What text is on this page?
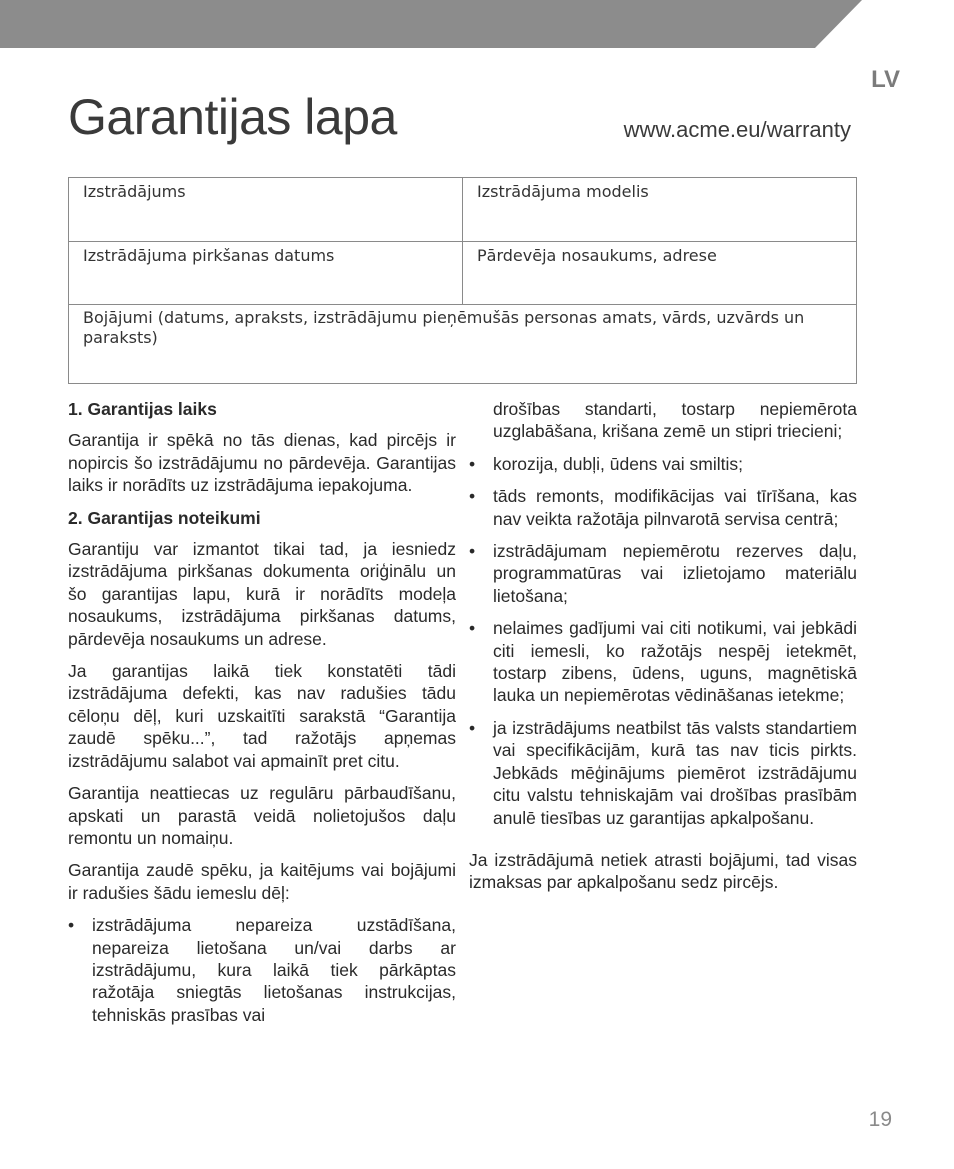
LV
Garantijas lapa	www.acme.eu/warranty
Izstrādājums	Izstrādājuma modelis
Izstrādājuma pirkšanas datums	Pārdevēja nosaukums, adrese
Bojājumi (datums, apraksts, izstrādājumu pieņēmušās personas amats, vārds, uzvārds un paraksts)
1. Garantijas laiks

Garantija ir spēkā no tās dienas, kad pircējs ir nopircis šo izstrādājumu no pārdevēja. Garantijas laiks ir norādīts uz izstrādājuma iepakojuma.

2. Garantijas noteikumi

Garantiju var izmantot tikai tad, ja iesniedz izstrādājuma pirkšanas dokumenta oriģinālu un šo garantijas lapu, kurā ir norādīts modeļa nosaukums, izstrādājuma pirkšanas datums, pārdevēja nosaukums un adrese.

Ja garantijas laikā tiek konstatēti tādi izstrādājuma defekti, kas nav radušies tādu cēloņu dēļ, kuri uzskaitīti sarakstā “Garantija zaudē spēku...”, tad ražotājs apņemas izstrādājumu salabot vai apmainīt pret citu.

Garantija neattiecas uz regulāru pārbaudīšanu, apskati un parastā veidā nolietojušos daļu remontu un nomaiņu.

Garantija zaudē spēku, ja kaitējums vai bojājumi ir radušies šādu iemeslu dēļ:

•	izstrādājuma nepareiza uzstādīšana, nepareiza lietošana un/vai darbs ar izstrādājumu, kura laikā tiek pārkāptas ražotāja sniegtās lietošanas instrukcijas, tehniskās prasības vai

drošības standarti, tostarp nepiemērota uzglabāšana, krišana zemē un stipri triecieni;

•	korozija, dubļi, ūdens vai smiltis;
•	tāds remonts, modifikācijas vai tīrīšana, kas nav veikta ražotāja pilnvarotā servisa centrā;
•	izstrādājumam nepiemērotu rezerves daļu, programmatūras vai izlietojamo materiālu lietošana;
•	nelaimes gadījumi vai citi notikumi, vai jebkādi citi iemesli, ko ražotājs nespēj ietekmēt, tostarp zibens, ūdens, uguns, magnētiskā lauka un nepiemērotas vēdināšanas ietekme;
•	ja izstrādājums neatbilst tās valsts standartiem vai specifikācijām, kurā tas nav ticis pirkts. Jebkāds mēģinājums piemērot izstrādājumu citu valstu tehniskajām vai drošības prasībām anulē tiesības uz garantijas apkalpošanu.

Ja izstrādājumā netiek atrasti bojājumi, tad visas izmaksas par apkalpošanu sedz pircējs.

19
